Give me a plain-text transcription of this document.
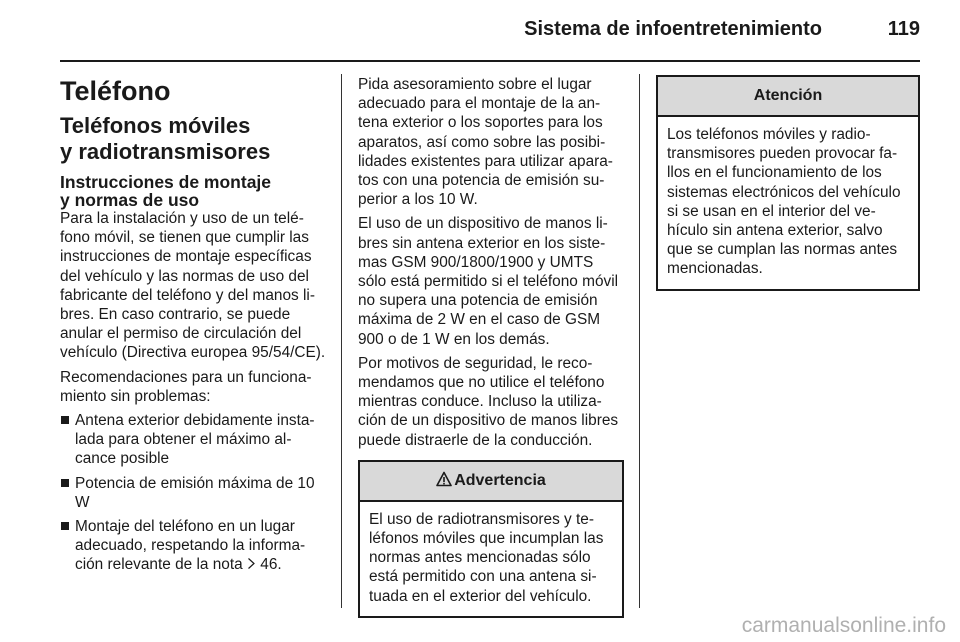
Sistema de infoentretenimiento	119
Teléfono
Teléfonos móviles
y radiotransmisores
Instrucciones de montaje
y normas de uso

Para la instalación y uso de un telé-fono móvil, se tienen que cumplir las instrucciones de montaje específicas del vehículo y las normas de uso del fabricante del teléfono y del manos li-bres. En caso contrario, se puede anular el permiso de circulación del vehículo (Directiva europea 95/54/CE).

Recomendaciones para un funciona-miento sin problemas:

Antena exterior debidamente insta-lada para obtener el máximo al-cance posible
Potencia de emisión máxima de 10 W
Montaje del teléfono en un lugar adecuado, respetando la informa-ción relevante de la nota  46.

Pida asesoramiento sobre el lugar adecuado para el montaje de la an-tena exterior o los soportes para los aparatos, así como sobre las posibi-lidades existentes para utilizar apara-tos con una potencia de emisión su-perior a los 10 W.

El uso de un dispositivo de manos li-bres sin antena exterior en los siste-mas GSM 900/1800/1900 y UMTS sólo está permitido si el teléfono móvil no supera una potencia de emisión máxima de 2 W en el caso de GSM 900 o de 1 W en los demás.

Por motivos de seguridad, le reco-mendamos que no utilice el teléfono mientras conduce. Incluso la utiliza-ción de un dispositivo de manos libres puede distraerle de la conducción.

Advertencia
El uso de radiotransmisores y te-léfonos móviles que incumplan las normas antes mencionadas sólo está permitido con una antena si-tuada en el exterior del vehículo.
Atención
Los teléfonos móviles y radio-transmisores pueden provocar fa-llos en el funcionamiento de los sistemas electrónicos del vehículo si se usan en el interior del ve-hículo sin antena exterior, salvo que se cumplan las normas antes mencionadas.
carmanualsonline.info
